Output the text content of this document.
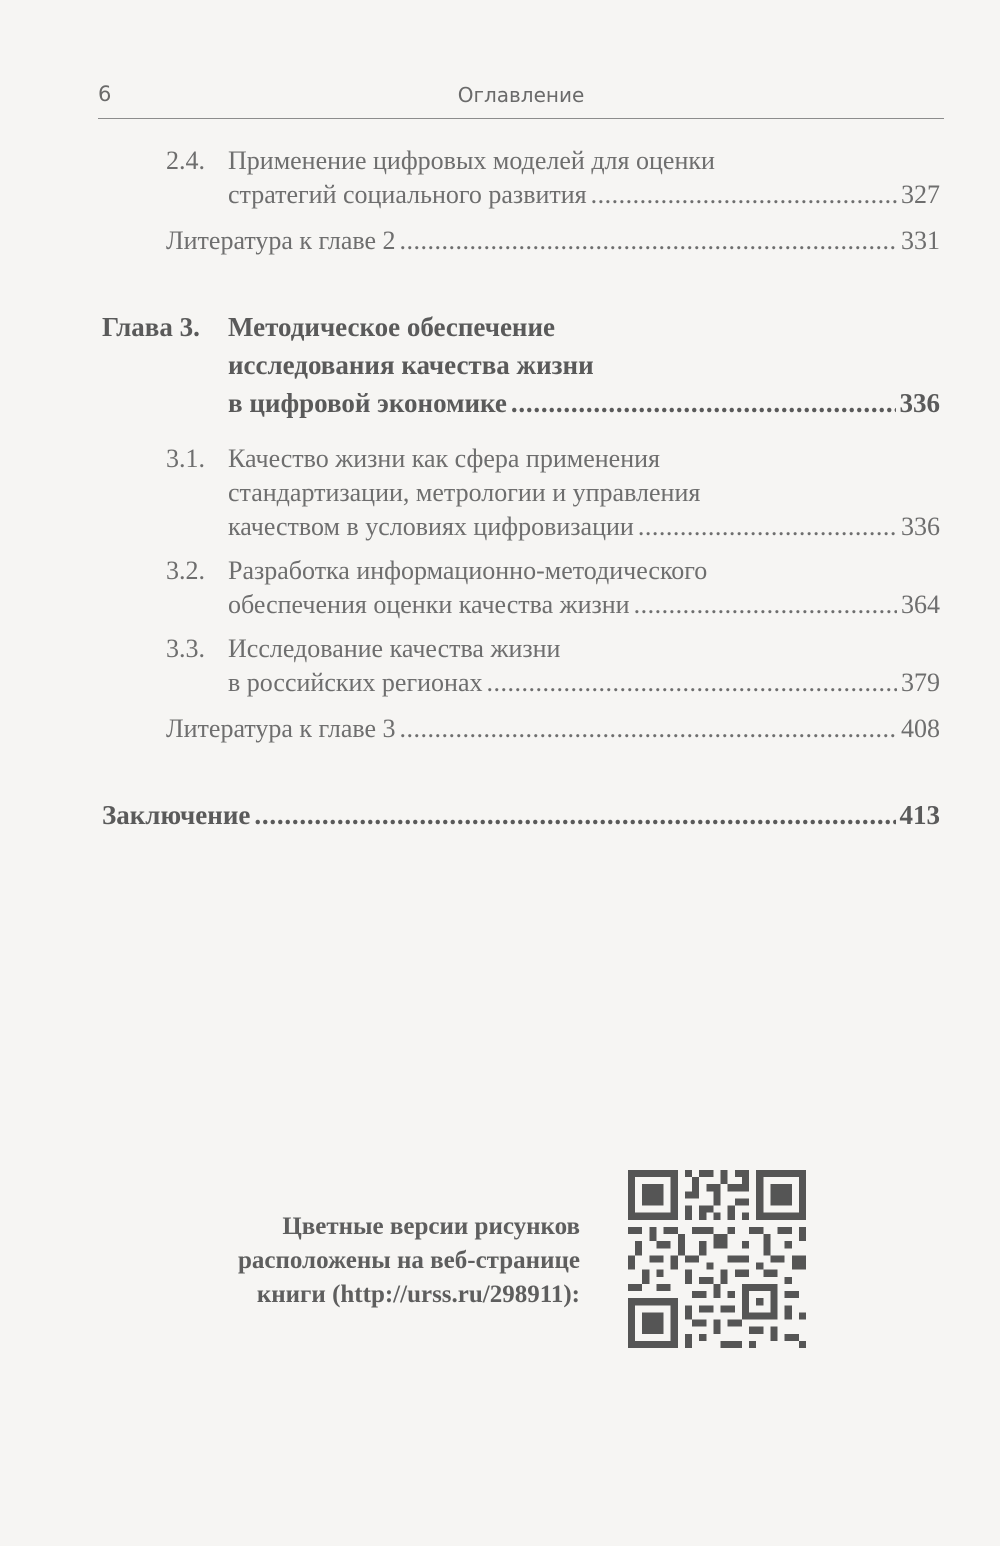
6	Оглавление
2.4. Применение цифровых моделей для оценки
стратегий социального развития . . .	327
Литература к главе 2 . . .	331
Глава 3. Методическое обеспечение
исследования качества жизни
в цифровой экономике . . .	336
3.1. Качество жизни как сфера применения
стандартизации, метрологии и управления
качеством в условиях цифровизации . . .	336
3.2. Разработка информационно-методического
обеспечения оценки качества жизни . . .	364
3.3. Исследование качества жизни
в российских регионах . . .	379
Литература к главе 3 . . .	408
Заключение . . .	413
Цветные версии рисунков
расположены на веб-странице
книги (http://urss.ru/298911):
